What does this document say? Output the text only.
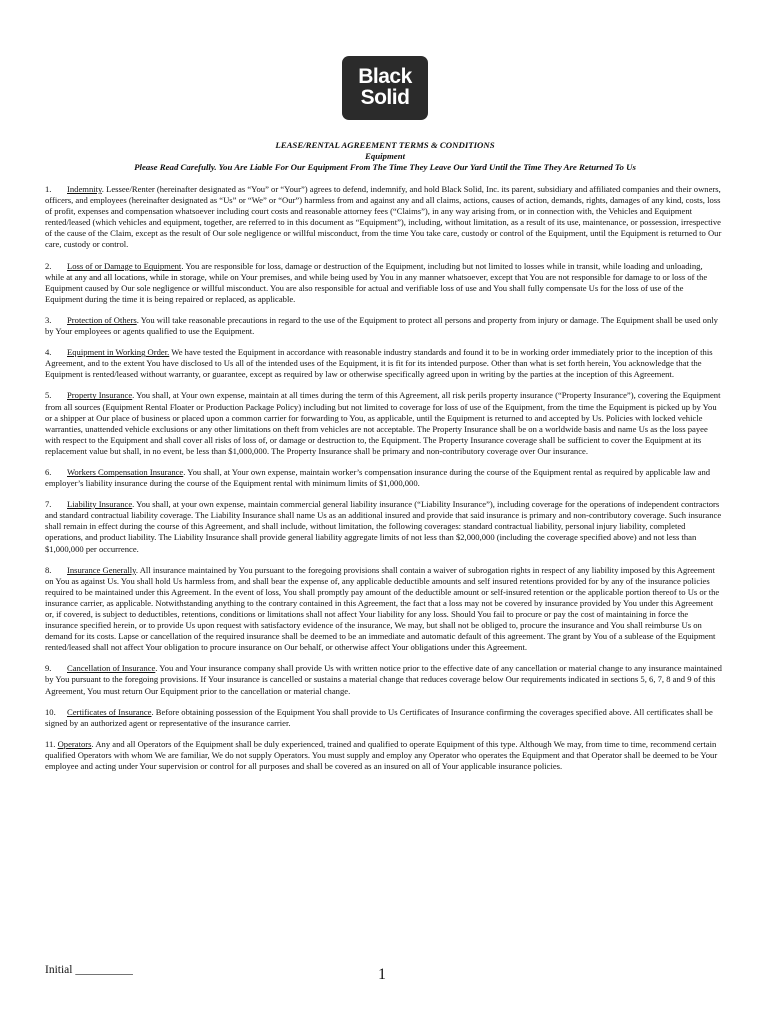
Black
Solid
LEASE/RENTAL AGREEMENT TERMS & CONDITIONS
Equipment
Please Read Carefully. You Are Liable For Our Equipment From The Time They Leave Our Yard Until the Time They Are Returned To Us

1. Indemnity. Lessee/Renter (hereinafter designated as “You” or “Your”) agrees to defend, indemnify, and hold Black Solid, Inc. its parent, subsidiary and affiliated companies and their owners, officers, and employees (hereinafter designated as “Us” or “We” or “Our”) harmless from and against any and all claims, actions, causes of action, demands, rights, damages of any kind, costs, loss of profit, expenses and compensation whatsoever including court costs and reasonable attorney fees (“Claims”), in any way arising from, or in connection with, the Vehicles and Equipment rented/leased (which vehicles and equipment, together, are referred to in this document as “Equipment”), including, without limitation, as a result of its use, maintenance, or possession, irrespective of the cause of the Claim, except as the result of Our sole negligence or willful misconduct, from the time You take care, custody or control of the Equipment, until the Equipment is returned to Our care, custody or control.

2. Loss of or Damage to Equipment. You are responsible for loss, damage or destruction of the Equipment, including but not limited to losses while in transit, while loading and unloading, while at any and all locations, while in storage, while on Your premises, and while being used by You in any manner whatsoever, except that You are not responsible for damage to or loss of the Equipment caused by Our sole negligence or willful misconduct. You are also responsible for actual and verifiable loss of use and You shall fully compensate Us for the loss of use of the Equipment during the time it is being repaired or replaced, as applicable.

3. Protection of Others. You will take reasonable precautions in regard to the use of the Equipment to protect all persons and property from injury or damage. The Equipment shall be used only by Your employees or agents qualified to use the Equipment.

4. Equipment in Working Order. We have tested the Equipment in accordance with reasonable industry standards and found it to be in working order immediately prior to the inception of this Agreement, and to the extent You have disclosed to Us all of the intended uses of the Equipment, it is fit for its intended purpose. Other than what is set forth herein, You acknowledge that the Equipment is rented/leased without warranty, or guarantee, except as required by law or otherwise specifically agreed upon in writing by the parties at the inception of this Agreement.

5. Property Insurance. You shall, at Your own expense, maintain at all times during the term of this Agreement, all risk perils property insurance (“Property Insurance”), covering the Equipment from all sources (Equipment Rental Floater or Production Package Policy) including but not limited to coverage for loss of use of the Equipment, from the time the Equipment is picked up by You or a shipper at Our place of business or placed upon a common carrier for forwarding to You, as applicable, until the Equipment is returned to and accepted by Us. Policies with locked vehicle warranties, unattended vehicle exclusions or any other limitations on theft from vehicles are not acceptable. The Property Insurance shall be on a worldwide basis and name Us as the loss payee with respect to the Equipment and shall cover all risks of loss of, or damage or destruction to, the Equipment. The Property Insurance coverage shall be sufficient to cover the Equipment at its replacement value but shall, in no event, be less than $1,000,000. The Property Insurance shall be primary and non-contributory coverage over Our insurance.

6. Workers Compensation Insurance. You shall, at Your own expense, maintain worker’s compensation insurance during the course of the Equipment rental as required by applicable law and employer’s liability insurance during the course of the Equipment rental with minimum limits of $1,000,000.

7. Liability Insurance. You shall, at your own expense, maintain commercial general liability insurance (“Liability Insurance”), including coverage for the operations of independent contractors and standard contractual liability coverage. The Liability Insurance shall name Us as an additional insured and provide that said insurance is primary and non-contributory coverage. Such insurance shall remain in effect during the course of this Agreement, and shall include, without limitation, the following coverages: standard contractual liability, personal injury liability, completed operations, and product liability. The Liability Insurance shall provide general liability aggregate limits of not less than $2,000,000 (including the coverage specified above) and not less than $1,000,000 per occurrence.

8. Insurance Generally. All insurance maintained by You pursuant to the foregoing provisions shall contain a waiver of subrogation rights in respect of any liability imposed by this Agreement on You as against Us. You shall hold Us harmless from, and shall bear the expense of, any applicable deductible amounts and self insured retentions provided for by any of the insurance policies required to be maintained under this Agreement. In the event of loss, You shall promptly pay amount of the deductible amount or self-insured retention or the applicable portion thereof to Us or the insurance carrier, as applicable. Notwithstanding anything to the contrary contained in this Agreement, the fact that a loss may not be covered by insurance provided by You under this Agreement or, if covered, is subject to deductibles, retentions, conditions or limitations shall not affect Your liability for any loss. Should You fail to procure or pay the cost of maintaining in force the insurance specified herein, or to provide Us upon request with satisfactory evidence of the insurance, We may, but shall not be obliged to, procure the insurance and You shall reimburse Us on demand for its costs. Lapse or cancellation of the required insurance shall be deemed to be an immediate and automatic default of this agreement. The grant by You of a sublease of the Equipment rented/leased shall not affect Your obligation to procure insurance on Our behalf, or otherwise affect Your obligations under this Agreement.

9. Cancellation of Insurance. You and Your insurance company shall provide Us with written notice prior to the effective date of any cancellation or material change to any insurance maintained by You pursuant to the foregoing provisions. If Your insurance is cancelled or sustains a material change that reduces coverage below Our requirements indicated in sections 5, 6, 7, 8 and 9 of this Agreement, You must return Our Equipment prior to the cancellation or material change.

10. Certificates of Insurance. Before obtaining possession of the Equipment You shall provide to Us Certificates of Insurance confirming the coverages specified above. All certificates shall be signed by an authorized agent or representative of the insurance carrier.

11. Operators. Any and all Operators of the Equipment shall be duly experienced, trained and qualified to operate Equipment of this type. Although We may, from time to time, recommend certain qualified Operators with whom We are familiar, We do not supply Operators. You must supply and employ any Operator who operates the Equipment and that Operator shall be deemed to be Your employee and acting under Your supervision or control for all purposes and shall be covered as an insured on all of Your applicable insurance policies.

Initial __________	1
